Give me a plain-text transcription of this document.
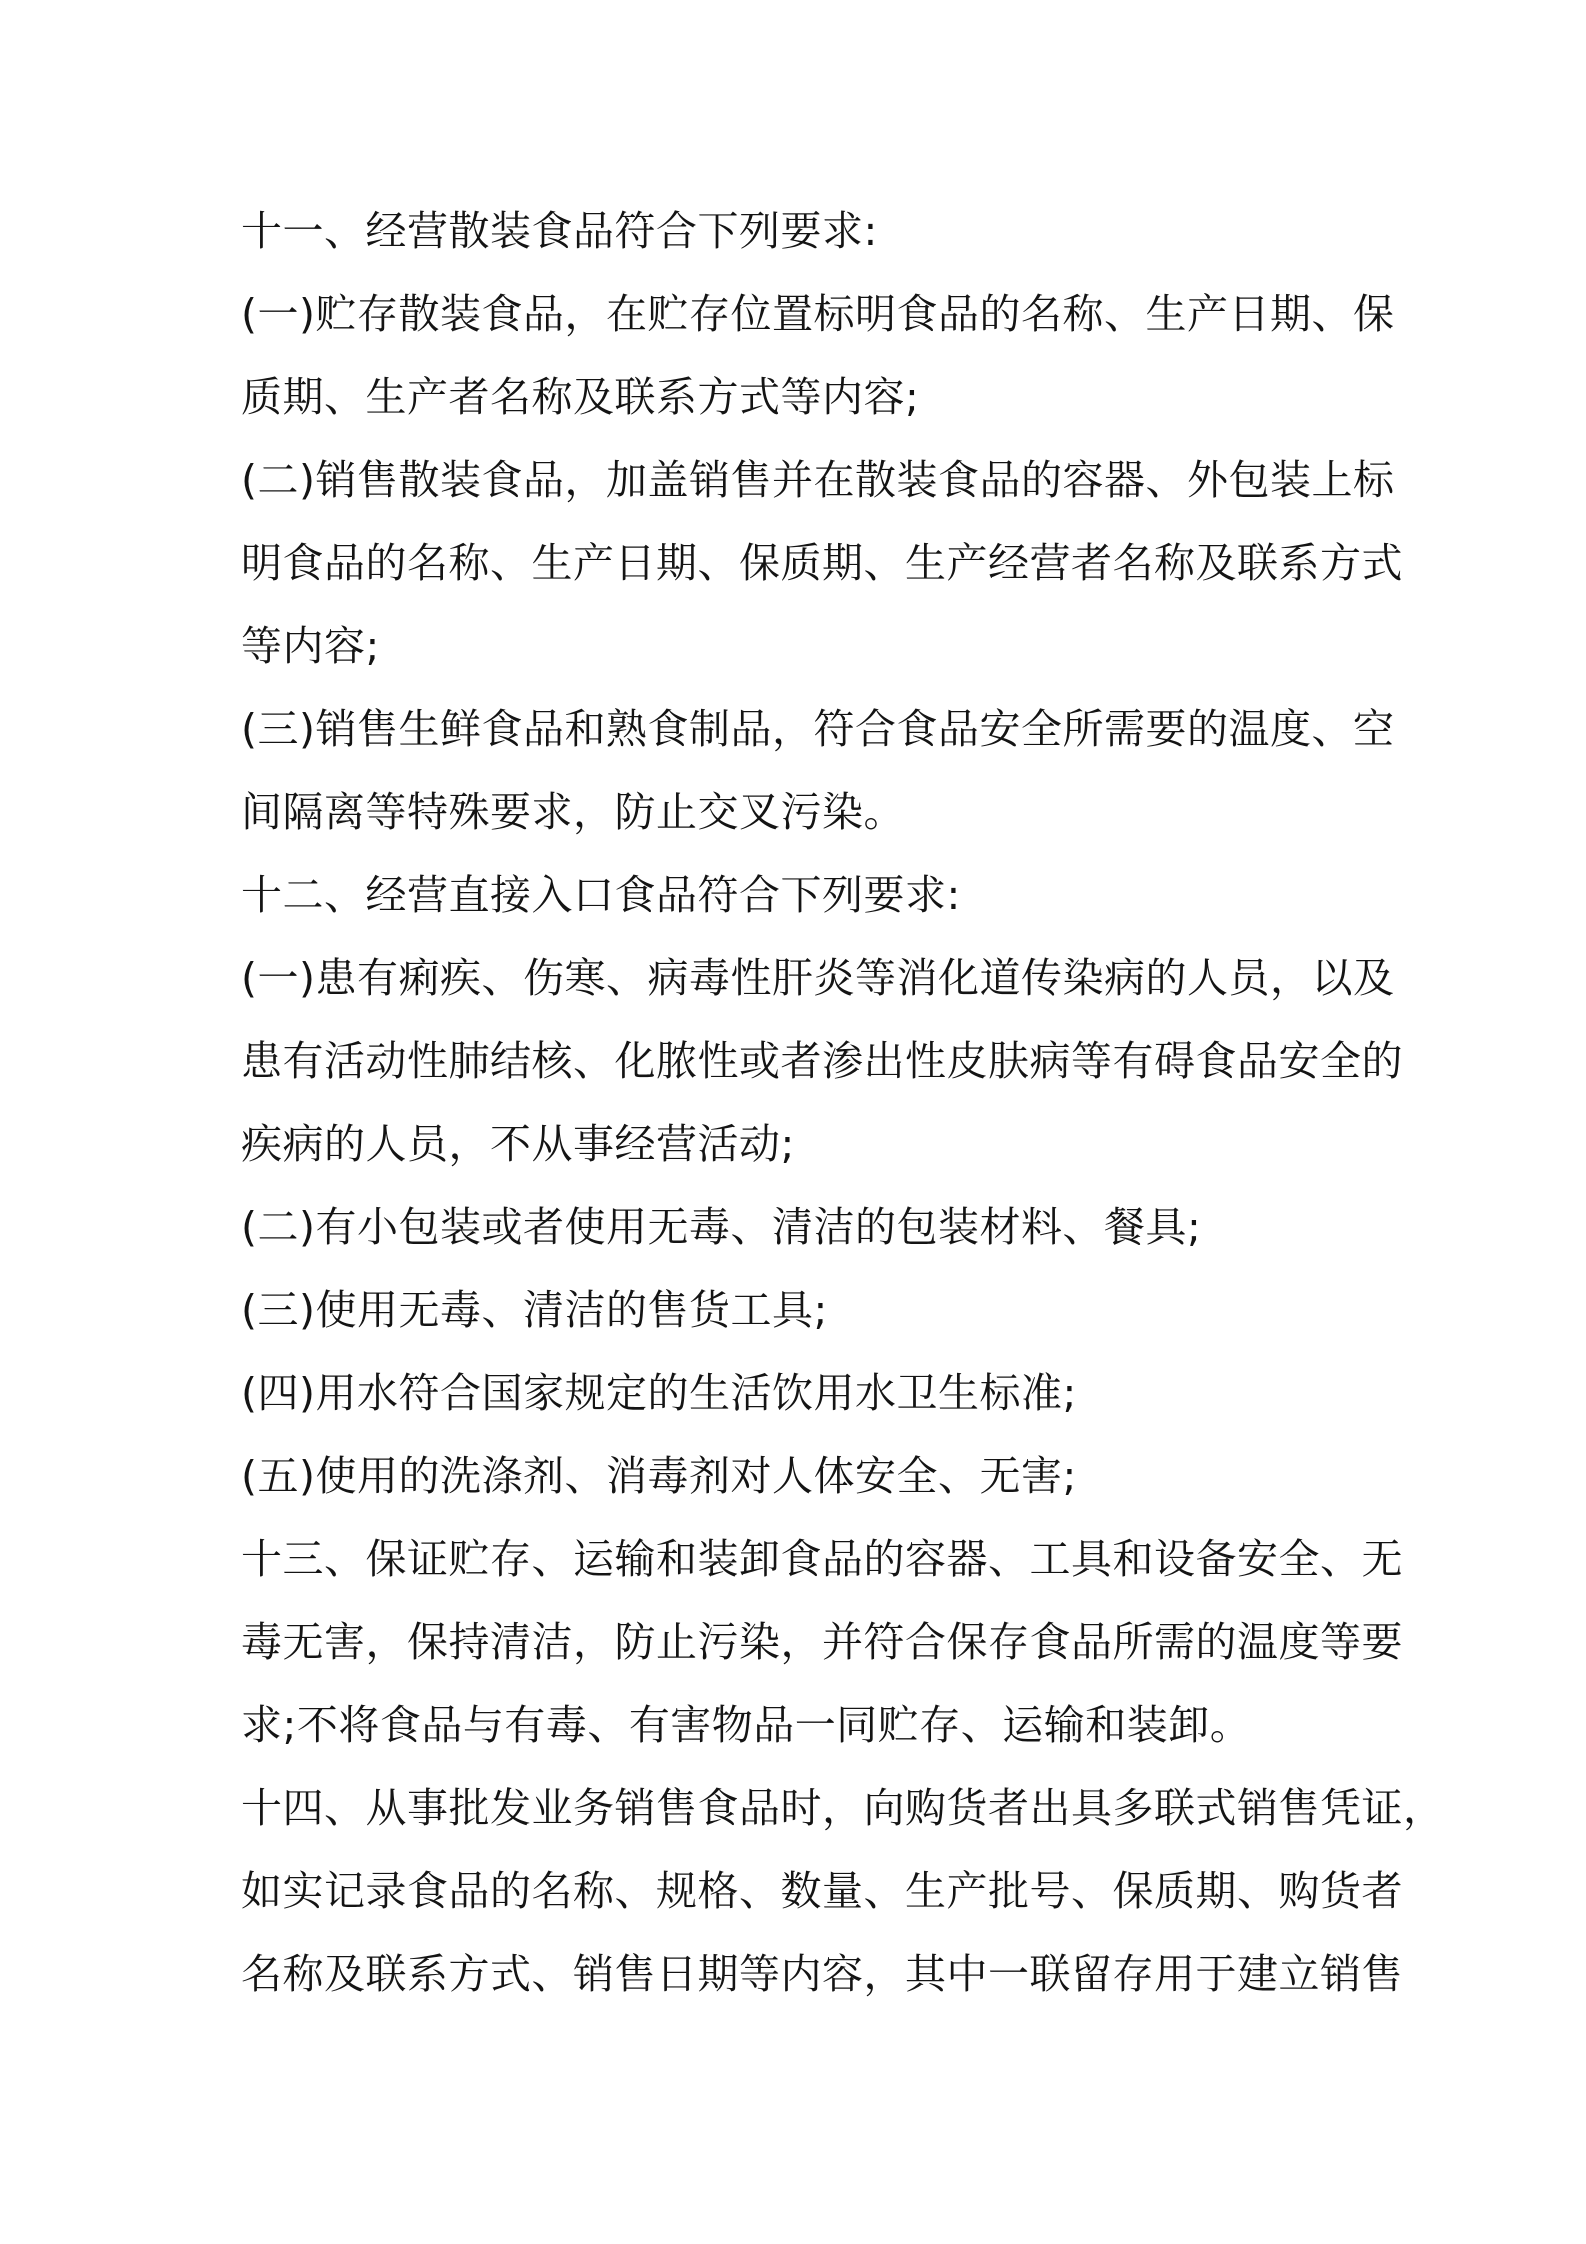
十一、经营散装食品符合下列要求:
(一)贮存散装食品，在贮存位置标明食品的名称、生产日期、保
质期、生产者名称及联系方式等内容;
(二)销售散装食品，加盖销售并在散装食品的容器、外包装上标
明食品的名称、生产日期、保质期、生产经营者名称及联系方式
等内容;
(三)销售生鲜食品和熟食制品，符合食品安全所需要的温度、空
间隔离等特殊要求，防止交叉污染。
十二、经营直接入口食品符合下列要求:
(一)患有痢疾、伤寒、病毒性肝炎等消化道传染病的人员，以及
患有活动性肺结核、化脓性或者渗出性皮肤病等有碍食品安全的
疾病的人员，不从事经营活动;
(二)有小包装或者使用无毒、清洁的包装材料、餐具;
(三)使用无毒、清洁的售货工具;
(四)用水符合国家规定的生活饮用水卫生标准;
(五)使用的洗涤剂、消毒剂对人体安全、无害;
十三、保证贮存、运输和装卸食品的容器、工具和设备安全、无
毒无害，保持清洁，防止污染，并符合保存食品所需的温度等要
求;不将食品与有毒、有害物品一同贮存、运输和装卸。
十四、从事批发业务销售食品时，向购货者出具多联式销售凭证，
如实记录食品的名称、规格、数量、生产批号、保质期、购货者
名称及联系方式、销售日期等内容，其中一联留存用于建立销售
